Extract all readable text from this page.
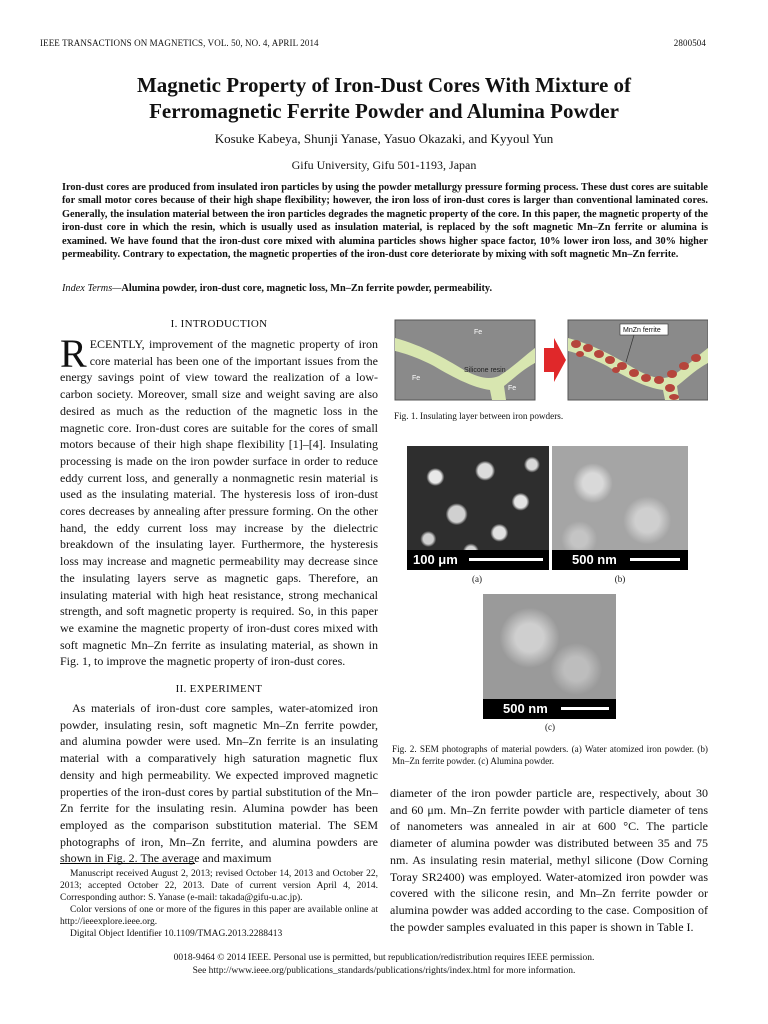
IEEE TRANSACTIONS ON MAGNETICS, VOL. 50, NO. 4, APRIL 2014	2800504
Magnetic Property of Iron-Dust Cores With Mixture of
Ferromagnetic Ferrite Powder and Alumina Powder
Kosuke Kabeya, Shunji Yanase, Yasuo Okazaki, and Kyyoul Yun
Gifu University, Gifu 501-1193, Japan
Iron-dust cores are produced from insulated iron particles by using the powder metallurgy pressure forming process. These dust cores are suitable for small motor cores because of their high shape flexibility; however, the iron loss of iron-dust cores is larger than conventional laminated cores. Generally, the insulation material between the iron particles degrades the magnetic property of the core. In this paper, the magnetic property of the iron-dust core in which the resin, which is usually used as insulation material, is replaced by the soft magnetic Mn–Zn ferrite or alumina is examined. We have found that the iron-dust core mixed with alumina particles shows higher space factor, 10% lower iron loss, and 30% higher permeability. Contrary to expectation, the magnetic properties of the iron-dust core deteriorate by mixing with soft magnetic Mn–Zn ferrite.
Index Terms—Alumina powder, iron-dust core, magnetic loss, Mn–Zn ferrite powder, permeability.
I. INTRODUCTION
RECENTLY, improvement of the magnetic property of iron core material has been one of the important issues from the energy savings point of view toward the realization of a low-carbon society. Moreover, small size and weight saving are also desired as much as the reduction of the magnetic loss in the magnetic core. Iron-dust cores are suitable for the cores of small motors because of their high shape flexibility [1]–[4]. Insulating processing is made on the iron powder surface in order to reduce eddy current loss, and generally a nonmagnetic resin material is used as the insulating material. The hysteresis loss of iron-dust cores decreases by annealing after pressure forming. On the other hand, the eddy current loss may increase by the dielectric breakdown of the insulating layer. Furthermore, the hysteresis loss may increase and magnetic permeability may decrease since the insulating layers serve as magnetic gaps. Therefore, an insulating material with high heat resistance, strong mechanical strength, and soft magnetic property is required. So, in this paper we examine the magnetic property of iron-dust cores mixed with soft magnetic Mn–Zn ferrite as insulating material, as shown in Fig. 1, to improve the magnetic property of iron-dust cores.
II. EXPERIMENT
As materials of iron-dust core samples, water-atomized iron powder, insulating resin, soft magnetic Mn–Zn ferrite powder, and alumina powder were used. Mn–Zn ferrite is an insulating material with a comparatively high saturation magnetic flux density and high permeability. We expected improved magnetic properties of the iron-dust cores by partial substitution of the Mn–Zn ferrite for the insulating resin. Alumina powder has been employed as the comparison substitution material. The SEM photographs of iron, Mn–Zn ferrite, and alumina powders are shown in Fig. 2. The average and maximum

Manuscript received August 2, 2013; revised October 14, 2013 and October 22, 2013; accepted October 22, 2013. Date of current version April 4, 2014. Corresponding author: S. Yanase (e-mail: takada@gifu-u.ac.jp).

Color versions of one or more of the figures in this paper are available online at http://ieeexplore.ieee.org.

Digital Object Identifier 10.1109/TMAG.2013.2288413

Fe
Silicone resin
Fe
Fe
MnZn ferrite
Fig. 1. Insulating layer between iron powders.
100 μm	500 nm
(a)	(b)
500 nm
(c)
Fig. 2. SEM photographs of material powders. (a) Water atomized iron powder. (b) Mn–Zn ferrite powder. (c) Alumina powder.
diameter of the iron powder particle are, respectively, about 30 and 60 μm. Mn–Zn ferrite powder with particle diameter of tens of nanometers was annealed in air at 600 °C. The particle diameter of alumina powder was distributed between 35 and 75 nm. As insulating resin material, methyl silicone (Dow Corning Toray SR2400) was employed. Water-atomized iron powder was covered with the silicone resin, and Mn–Zn ferrite powder or alumina powder was added according to the case. Composition of the powder samples evaluated in this paper is shown in Table I.
0018-9464 © 2014 IEEE. Personal use is permitted, but republication/redistribution requires IEEE permission.
See http://www.ieee.org/publications_standards/publications/rights/index.html for more information.
